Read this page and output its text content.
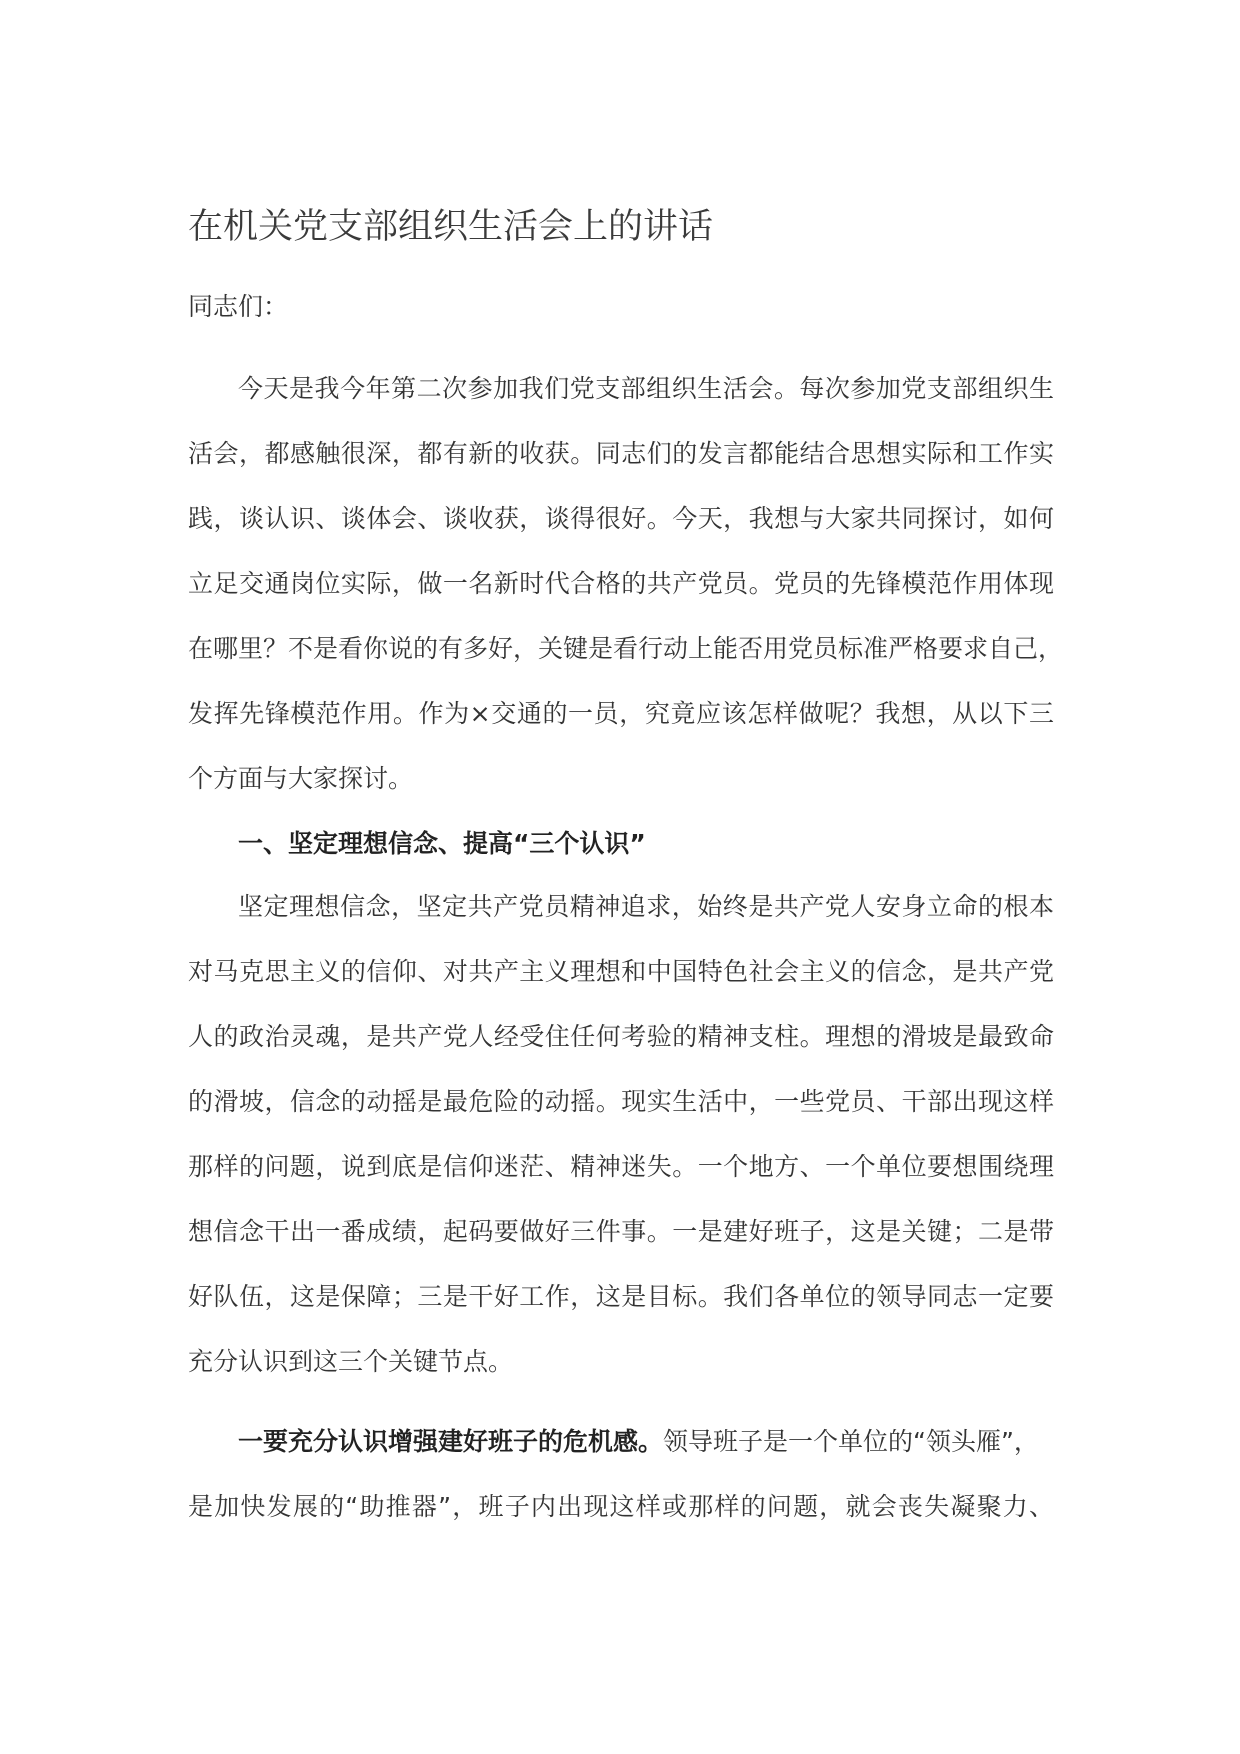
在机关党支部组织生活会上的讲话
同志们：
今天是我今年第二次参加我们党支部组织生活会。每次参加党支部组织生
活会，都感触很深，都有新的收获。同志们的发言都能结合思想实际和工作实
践，谈认识、谈体会、谈收获，谈得很好。今天，我想与大家共同探讨，如何
立足交通岗位实际，做一名新时代合格的共产党员。党员的先锋模范作用体现
在哪里？不是看你说的有多好，关键是看行动上能否用党员标准严格要求自己，
发挥先锋模范作用。作为×交通的一员，究竟应该怎样做呢？我想，从以下三
个方面与大家探讨。
一、坚定理想信念、提高“三个认识”
坚定理想信念，坚定共产党员精神追求，始终是共产党人安身立命的根本
对马克思主义的信仰、对共产主义理想和中国特色社会主义的信念，是共产党
人的政治灵魂，是共产党人经受住任何考验的精神支柱。理想的滑坡是最致命
的滑坡，信念的动摇是最危险的动摇。现实生活中，一些党员、干部出现这样
那样的问题，说到底是信仰迷茫、精神迷失。一个地方、一个单位要想围绕理
想信念干出一番成绩，起码要做好三件事。一是建好班子，这是关键；二是带
好队伍，这是保障；三是干好工作，这是目标。我们各单位的领导同志一定要
充分认识到这三个关键节点。
一要充分认识增强建好班子的危机感。领导班子是一个单位的“领头雁”，
是加快发展的“助推器”，班子内出现这样或那样的问题，就会丧失凝聚力、
